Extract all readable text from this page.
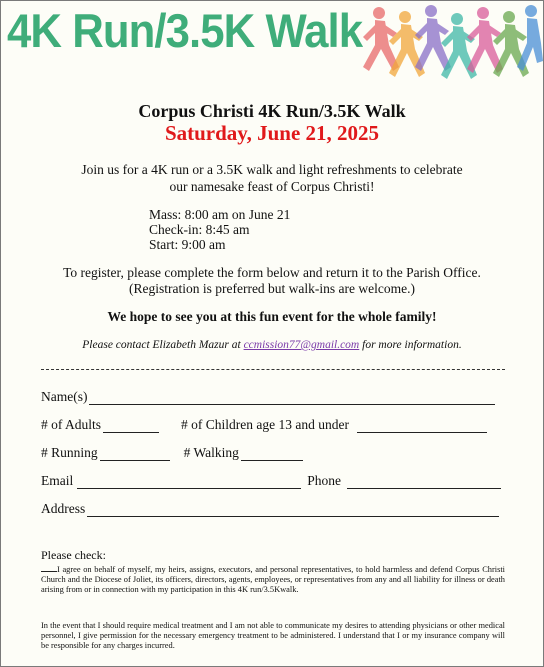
4K Run/3.5K Walk
Corpus Christi 4K Run/3.5K Walk
Saturday, June 21, 2025
Join us for a 4K run or a 3.5K walk and light refreshments to celebrate
our namesake feast of Corpus Christi!
Mass: 8:00 am on June 21
Check-in: 8:45 am
Start: 9:00 am
To register, please complete the form below and return it to the Parish Office.
(Registration is preferred but walk-ins are welcome.)
We hope to see you at this fun event for the whole family!
Please contact Elizabeth Mazur at ccmission77@gmail.com for more information.
Name(s)
# of Adults	# of Children age 13 and under
# Running	# Walking
Email	Phone
Address
Please check:
I agree on behalf of myself, my heirs, assigns, executors, and personal representatives, to hold harmless and defend Corpus Christi Church and the Diocese of Joliet, its officers, directors, agents, employees, or representatives from any and all liability for illness or death arising from or in connection with my participation in this 4K run/3.5Kwalk.
In the event that I should require medical treatment and I am not able to communicate my desires to attending physicians or other medical personnel, I give permission for the necessary emergency treatment to be administered. I understand that I or my insurance company will be responsible for any charges incurred.
